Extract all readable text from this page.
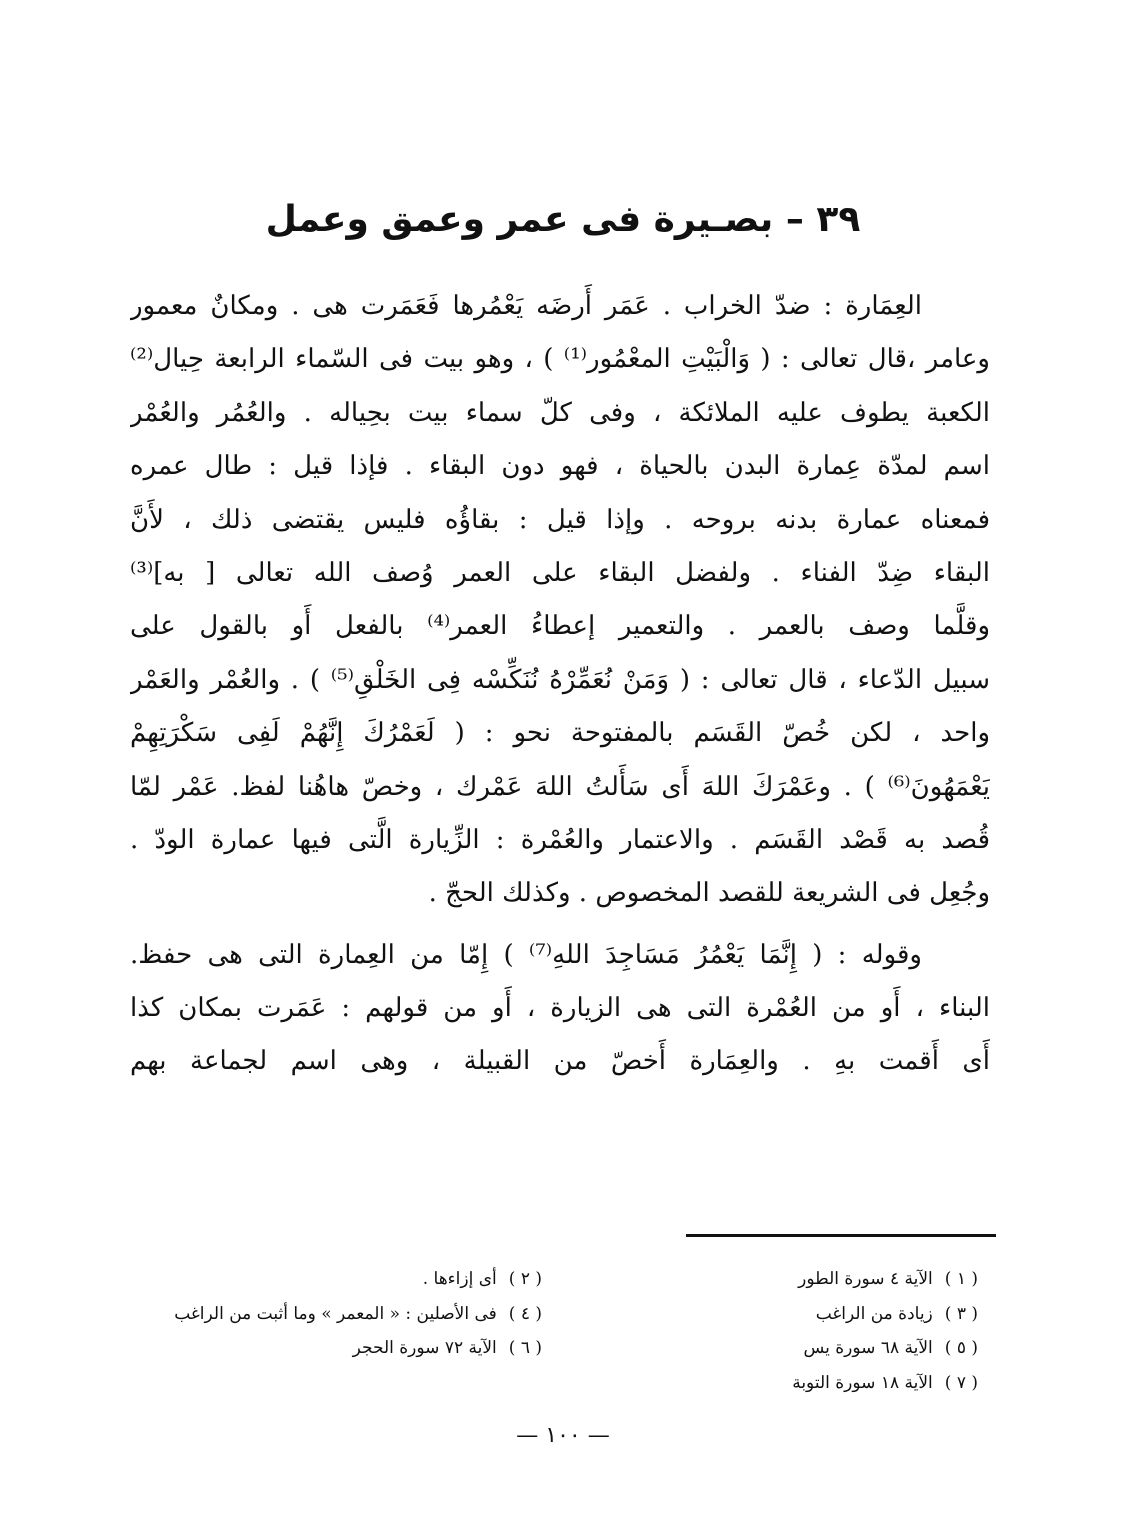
٣٩ – بصـيرة فى عمر وعمق وعمل
العِمَارة : ضدّ الخراب . عَمَر أَرضَه يَعْمُرها فَعَمَرت هى . ومكانٌ معمور
وعامر ،قال تعالى : ( وَالْبَيْتِ المعْمُور⁽¹⁾ ) ، وهو بيت فى السّماء الرابعة حِيال⁽²⁾
الكعبة يطوف عليه الملائكة ، وفى كلّ سماء بيت بحِياله . والعُمُر والعُمْر
اسم لمدّة عِمارة البدن بالحياة ، فهو دون البقاء . فإذا قيل : طال عمره
فمعناه عمارة بدنه بروحه . وإذا قيل : بقاؤُه فليس يقتضى ذلك ، لأَنَّ
البقاء ضِدّ الفناء . ولفضل البقاء على العمر وُصف الله تعالى [ به]⁽³⁾
وقلَّما وصف بالعمر . والتعمير إعطاءُ العمر⁽⁴⁾ بالفعل أَو بالقول على
سبيل الدّعاء ، قال تعالى : ( وَمَنْ نُعَمِّرْهُ نُنَكِّسْه فِى الخَلْقِ⁽⁵⁾ ) . والعُمْر والعَمْر
واحد ، لكن خُصّ القَسَم بالمفتوحة نحو : ( لَعَمْرُكَ إِنَّهُمْ لَفِى سَكْرَتِهِمْ
يَعْمَهُونَ⁽⁶⁾ ) . وعَمْرَكَ اللهَ أَى سَأَلتُ اللهَ عَمْرك ، وخصّ هاهُنا لفظ. عَمْر لمّا
قُصد به قَصْد القَسَم . والاعتمار والعُمْرة : الزِّيارة الَّتى فيها عمارة الودّ .
وجُعِل فى الشريعة للقصد المخصوص . وكذلك الحجّ .
وقوله : ( إِنَّمَا يَعْمُرُ مَسَاجِدَ اللهِ⁽⁷⁾ ) إِمّا من العِمارة التى هى حفظ.
البناء ، أَو من العُمْرة التى هى الزيارة ، أَو من قولهم : عَمَرت بمكان كذا
أَى أَقمت بهِ . والعِمَارة أَخصّ من القبيلة ، وهى اسم لجماعة بهم
( ١ )الآية ٤ سورة الطور
( ٣ )زيادة من الراغب
( ٥ )الآية ٦٨ سورة يس
( ٧ )الآية ١٨ سورة التوبة
( ٢ )أى إزاءها .
( ٤ )فى الأصلين : « المعمر » وما أثبت من الراغب
( ٦ )الآية ٧٢ سورة الحجر
— ١٠٠ —
